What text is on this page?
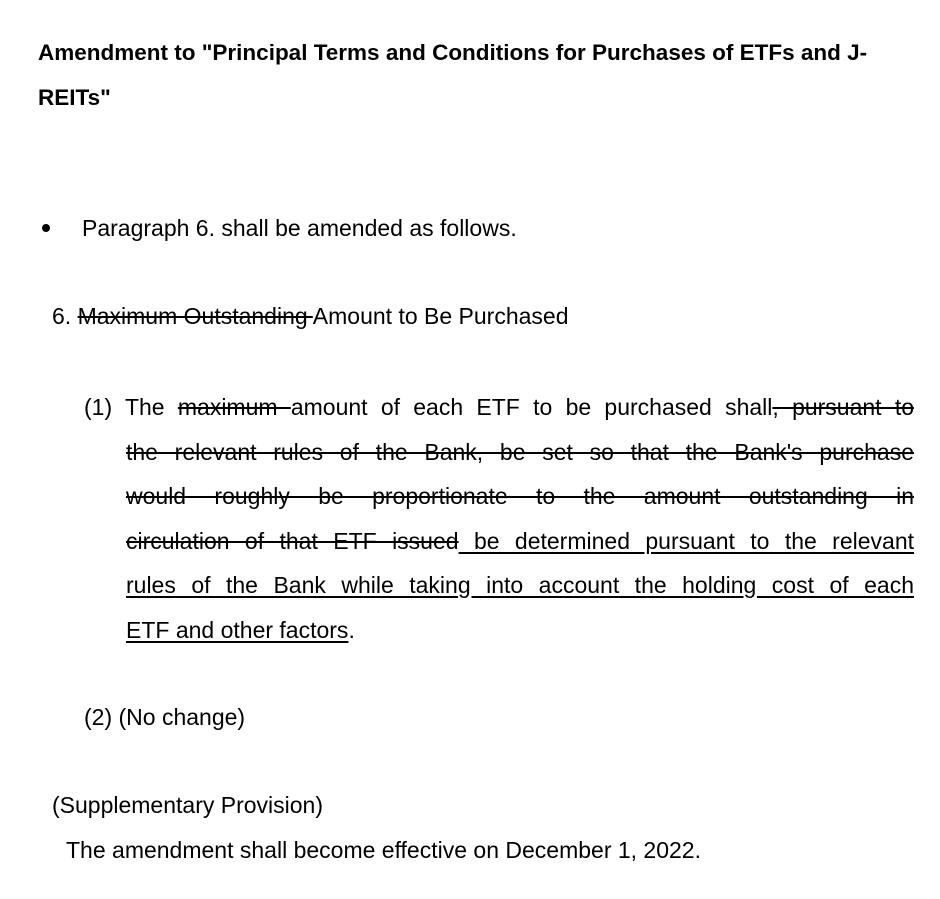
Amendment to "Principal Terms and Conditions for Purchases of ETFs and J-REITs"
Paragraph 6. shall be amended as follows.
6. Maximum Outstanding Amount to Be Purchased
(1) The maximum amount of each ETF to be purchased shall, pursuant to
the relevant rules of the Bank, be set so that the Bank's purchase
would roughly be proportionate to the amount outstanding in
circulation of that ETF issued be determined pursuant to the relevant
rules of the Bank while taking into account the holding cost of each
ETF and other factors.
(2) (No change)
(Supplementary Provision)
The amendment shall become effective on December 1, 2022.
